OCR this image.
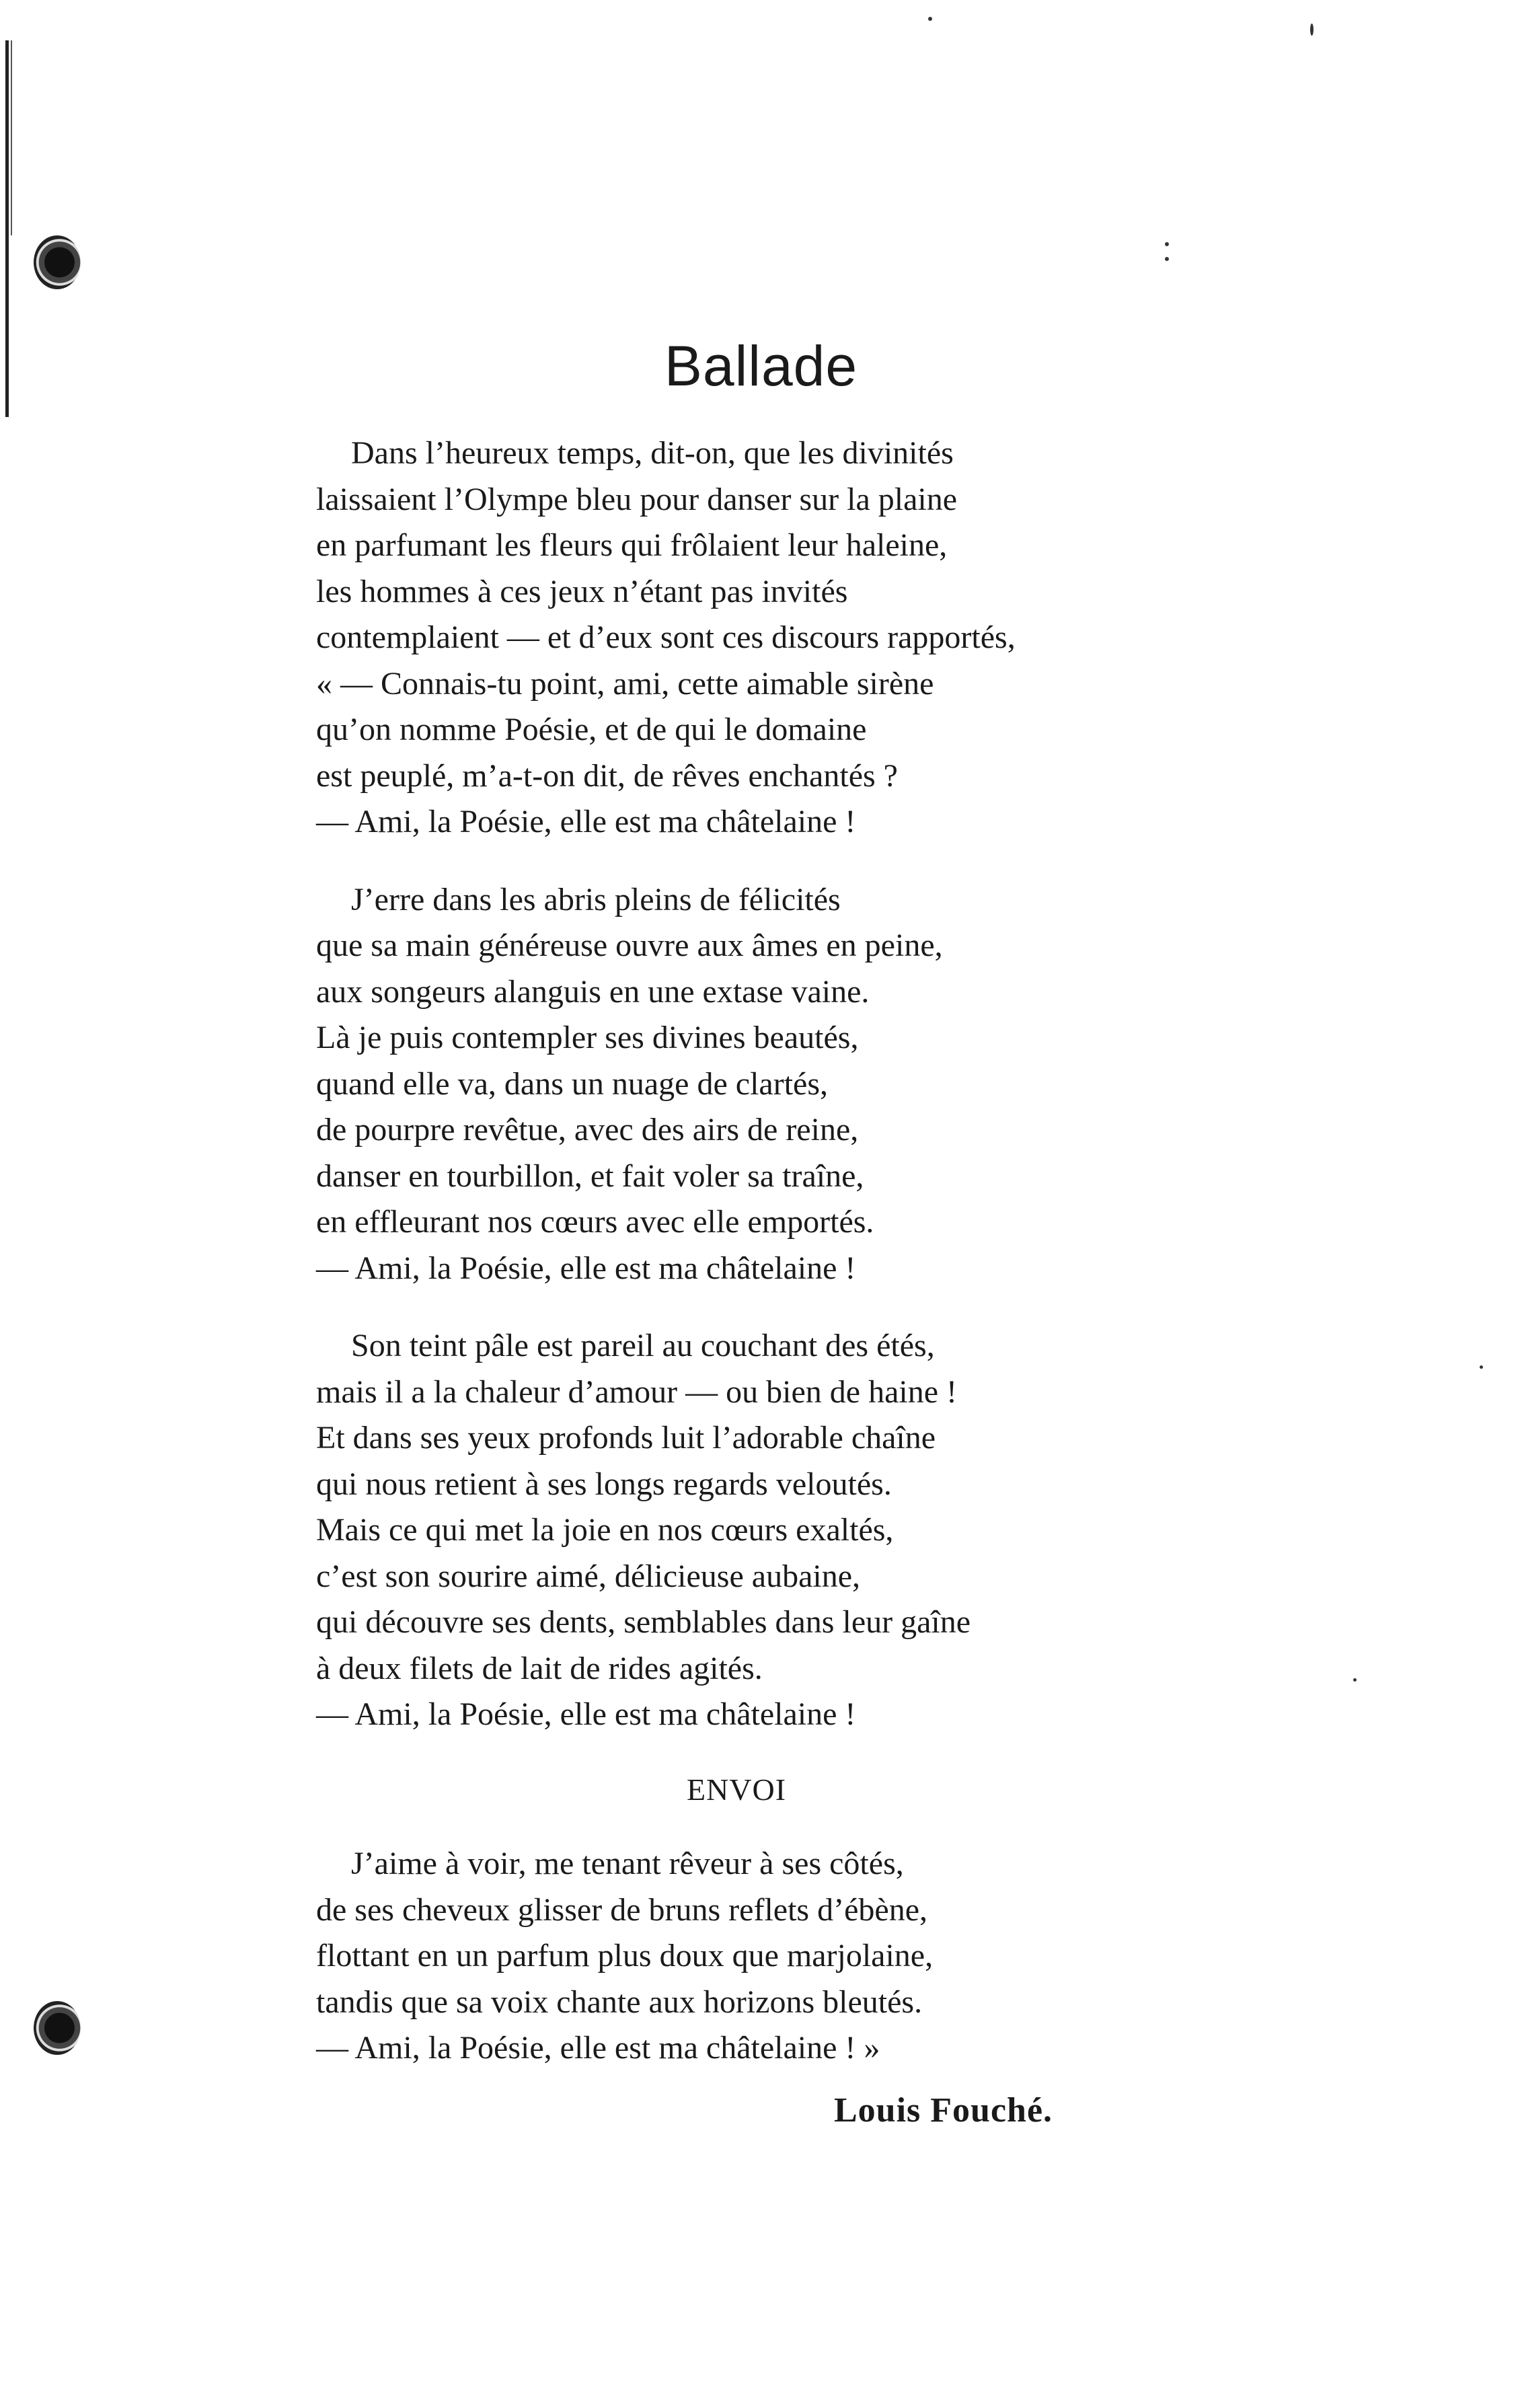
Ballade
Dans l’heureux temps, dit-on, que les divinités
laissaient l’Olympe bleu pour danser sur la plaine
en parfumant les fleurs qui frôlaient leur haleine,
les hommes à ces jeux n’étant pas invités
contemplaient — et d’eux sont ces discours rapportés,
« — Connais-tu point, ami, cette aimable sirène
qu’on nomme Poésie, et de qui le domaine
est peuplé, m’a-t-on dit, de rêves enchantés ?
— Ami, la Poésie, elle est ma châtelaine !
J’erre dans les abris pleins de félicités
que sa main généreuse ouvre aux âmes en peine,
aux songeurs alanguis en une extase vaine.
Là je puis contempler ses divines beautés,
quand elle va, dans un nuage de clartés,
de pourpre revêtue, avec des airs de reine,
danser en tourbillon, et fait voler sa traîne,
en effleurant nos cœurs avec elle emportés.
— Ami, la Poésie, elle est ma châtelaine !
Son teint pâle est pareil au couchant des étés,
mais il a la chaleur d’amour — ou bien de haine !
Et dans ses yeux profonds luit l’adorable chaîne
qui nous retient à ses longs regards veloutés.
Mais ce qui met la joie en nos cœurs exaltés,
c’est son sourire aimé, délicieuse aubaine,
qui découvre ses dents, semblables dans leur gaîne
à deux filets de lait de rides agités.
— Ami, la Poésie, elle est ma châtelaine !
ENVOI
J’aime à voir, me tenant rêveur à ses côtés,
de ses cheveux glisser de bruns reflets d’ébène,
flottant en un parfum plus doux que marjolaine,
tandis que sa voix chante aux horizons bleutés.
— Ami, la Poésie, elle est ma châtelaine ! »
Louis Fouché.
